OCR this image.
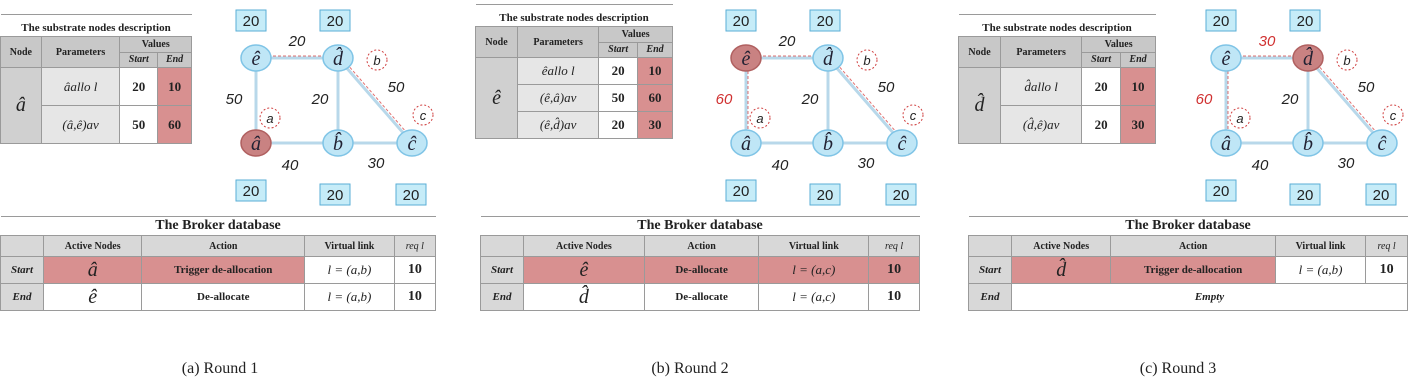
The substrate nodes description			
Node	Parameters	Values	
		Start	End
â	âallo l	20	10
	(â,ê)av	50	60
20
50	20
50
40	30
20	20
20	20	20
ê	d̂
â	b̂	ĉ
a
b
c
The Broker database				
	Active Nodes	Action	Virtual link	req l
Start	â	Trigger de-allocation	l = (a,b)	10
End	ê	De-allocate	l = (a,b)	10
(a) Round 1
The substrate nodes description			
Node	Parameters	Values	
		Start	End
ê	êallo l	20	10
	(ê,â)av	50	60
	(ê,d̂)av	20	30
20
60	20
50
40	30
20	20
20	20	20
ê	d̂
â	b̂	ĉ
a
b
c
The Broker database				
	Active Nodes	Action	Virtual link	req l
Start	ê	De-allocate	l = (a,c)	10
End	d̂	De-allocate	l = (a,c)	10
(b) Round 2
The substrate nodes description			
Node	Parameters	Values	
		Start	End
d̂	d̂allo l	20	10
	(d̂,ê)av	20	30
30
60	20
50
40	30
20	20
20	20	20
ê	d̂
â	b̂	ĉ
a
b
c
The Broker database				
	Active Nodes	Action	Virtual link	req l
Start	d̂	Trigger de-allocation	l = (a,b)	10
End	Empty			
(c) Round 3
